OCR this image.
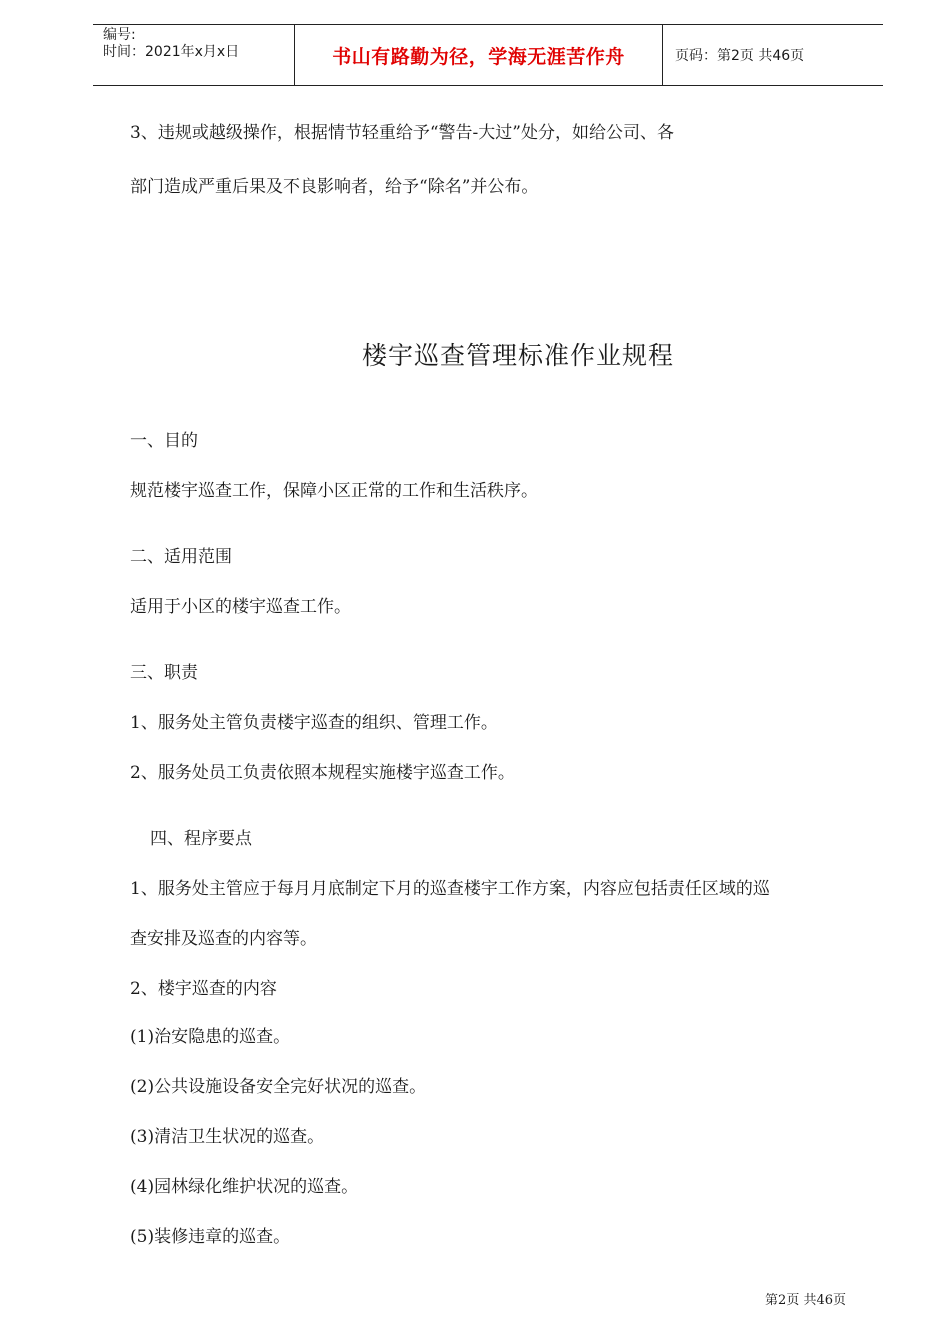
编号:
时间：2021年x月x日	书山有路勤为径，学海无涯苦作舟	页码：第2页 共46页
3、违规或越级操作，根据情节轻重给予“警告-大过”处分，如给公司、各
部门造成严重后果及不良影响者，给予“除名”并公布。
楼宇巡查管理标准作业规程
一、目的
规范楼宇巡查工作，保障小区正常的工作和生活秩序。
二、适用范围
适用于小区的楼宇巡查工作。
三、职责
1、服务处主管负责楼宇巡查的组织、管理工作。
2、服务处员工负责依照本规程实施楼宇巡查工作。
四、程序要点
1、服务处主管应于每月月底制定下月的巡查楼宇工作方案，内容应包括责任区域的巡
查安排及巡查的内容等。
2、楼宇巡查的内容
(1)治安隐患的巡查。
(2)公共设施设备安全完好状况的巡查。
(3)清洁卫生状况的巡查。
(4)园林绿化维护状况的巡查。
(5)装修违章的巡查。
第2页 共46页
